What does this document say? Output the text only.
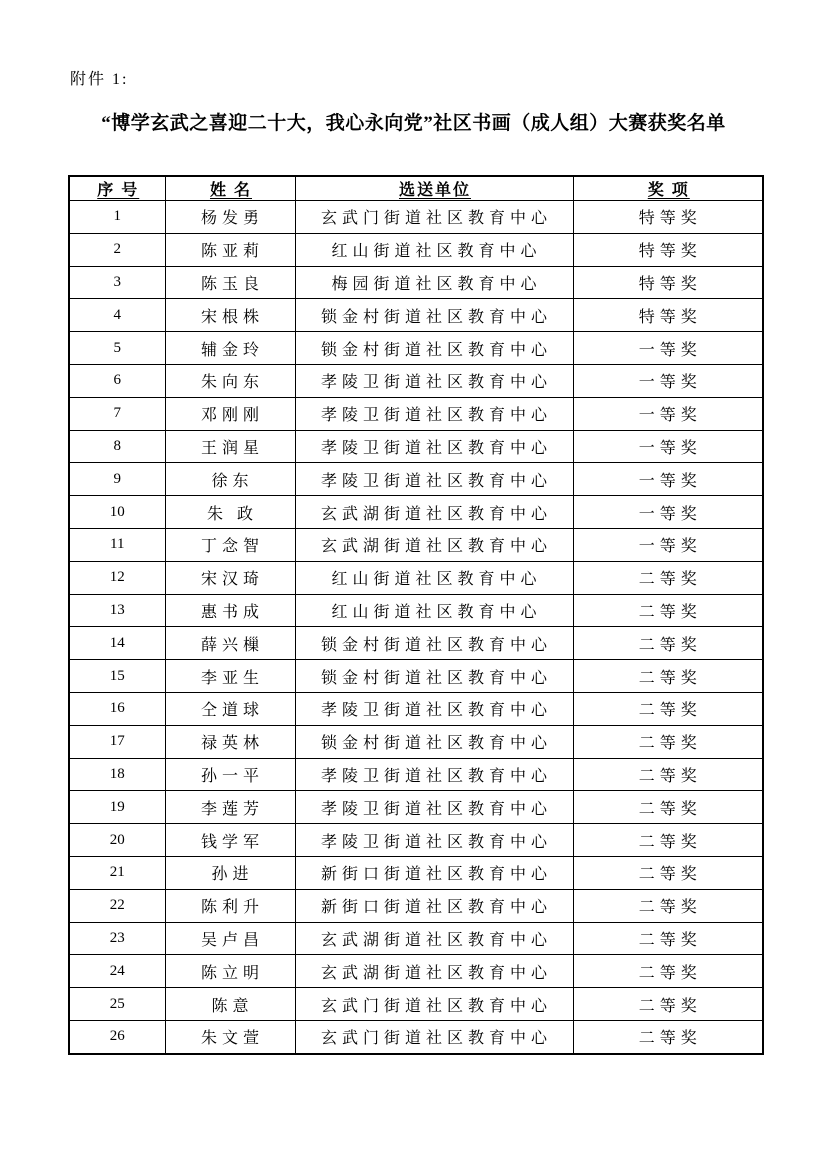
附件 1:
“博学玄武之喜迎二十大，我心永向党”社区书画（成人组）大赛获奖名单
序 号	姓 名	选送单位	奖 项
1	杨发勇	玄武门街道社区教育中心	特等奖
2	陈亚莉	红山街道社区教育中心	特等奖
3	陈玉良	梅园街道社区教育中心	特等奖
4	宋根株	锁金村街道社区教育中心	特等奖
5	辅金玲	锁金村街道社区教育中心	一等奖
6	朱向东	孝陵卫街道社区教育中心	一等奖
7	邓刚刚	孝陵卫街道社区教育中心	一等奖
8	王润星	孝陵卫街道社区教育中心	一等奖
9	徐东	孝陵卫街道社区教育中心	一等奖
10	朱 政	玄武湖街道社区教育中心	一等奖
11	丁念智	玄武湖街道社区教育中心	一等奖
12	宋汉琦	红山街道社区教育中心	二等奖
13	惠书成	红山街道社区教育中心	二等奖
14	薛兴樔	锁金村街道社区教育中心	二等奖
15	李亚生	锁金村街道社区教育中心	二等奖
16	仝道球	孝陵卫街道社区教育中心	二等奖
17	禄英林	锁金村街道社区教育中心	二等奖
18	孙一平	孝陵卫街道社区教育中心	二等奖
19	李莲芳	孝陵卫街道社区教育中心	二等奖
20	钱学军	孝陵卫街道社区教育中心	二等奖
21	孙进	新街口街道社区教育中心	二等奖
22	陈利升	新街口街道社区教育中心	二等奖
23	吴卢昌	玄武湖街道社区教育中心	二等奖
24	陈立明	玄武湖街道社区教育中心	二等奖
25	陈意	玄武门街道社区教育中心	二等奖
26	朱文萱	玄武门街道社区教育中心	二等奖
